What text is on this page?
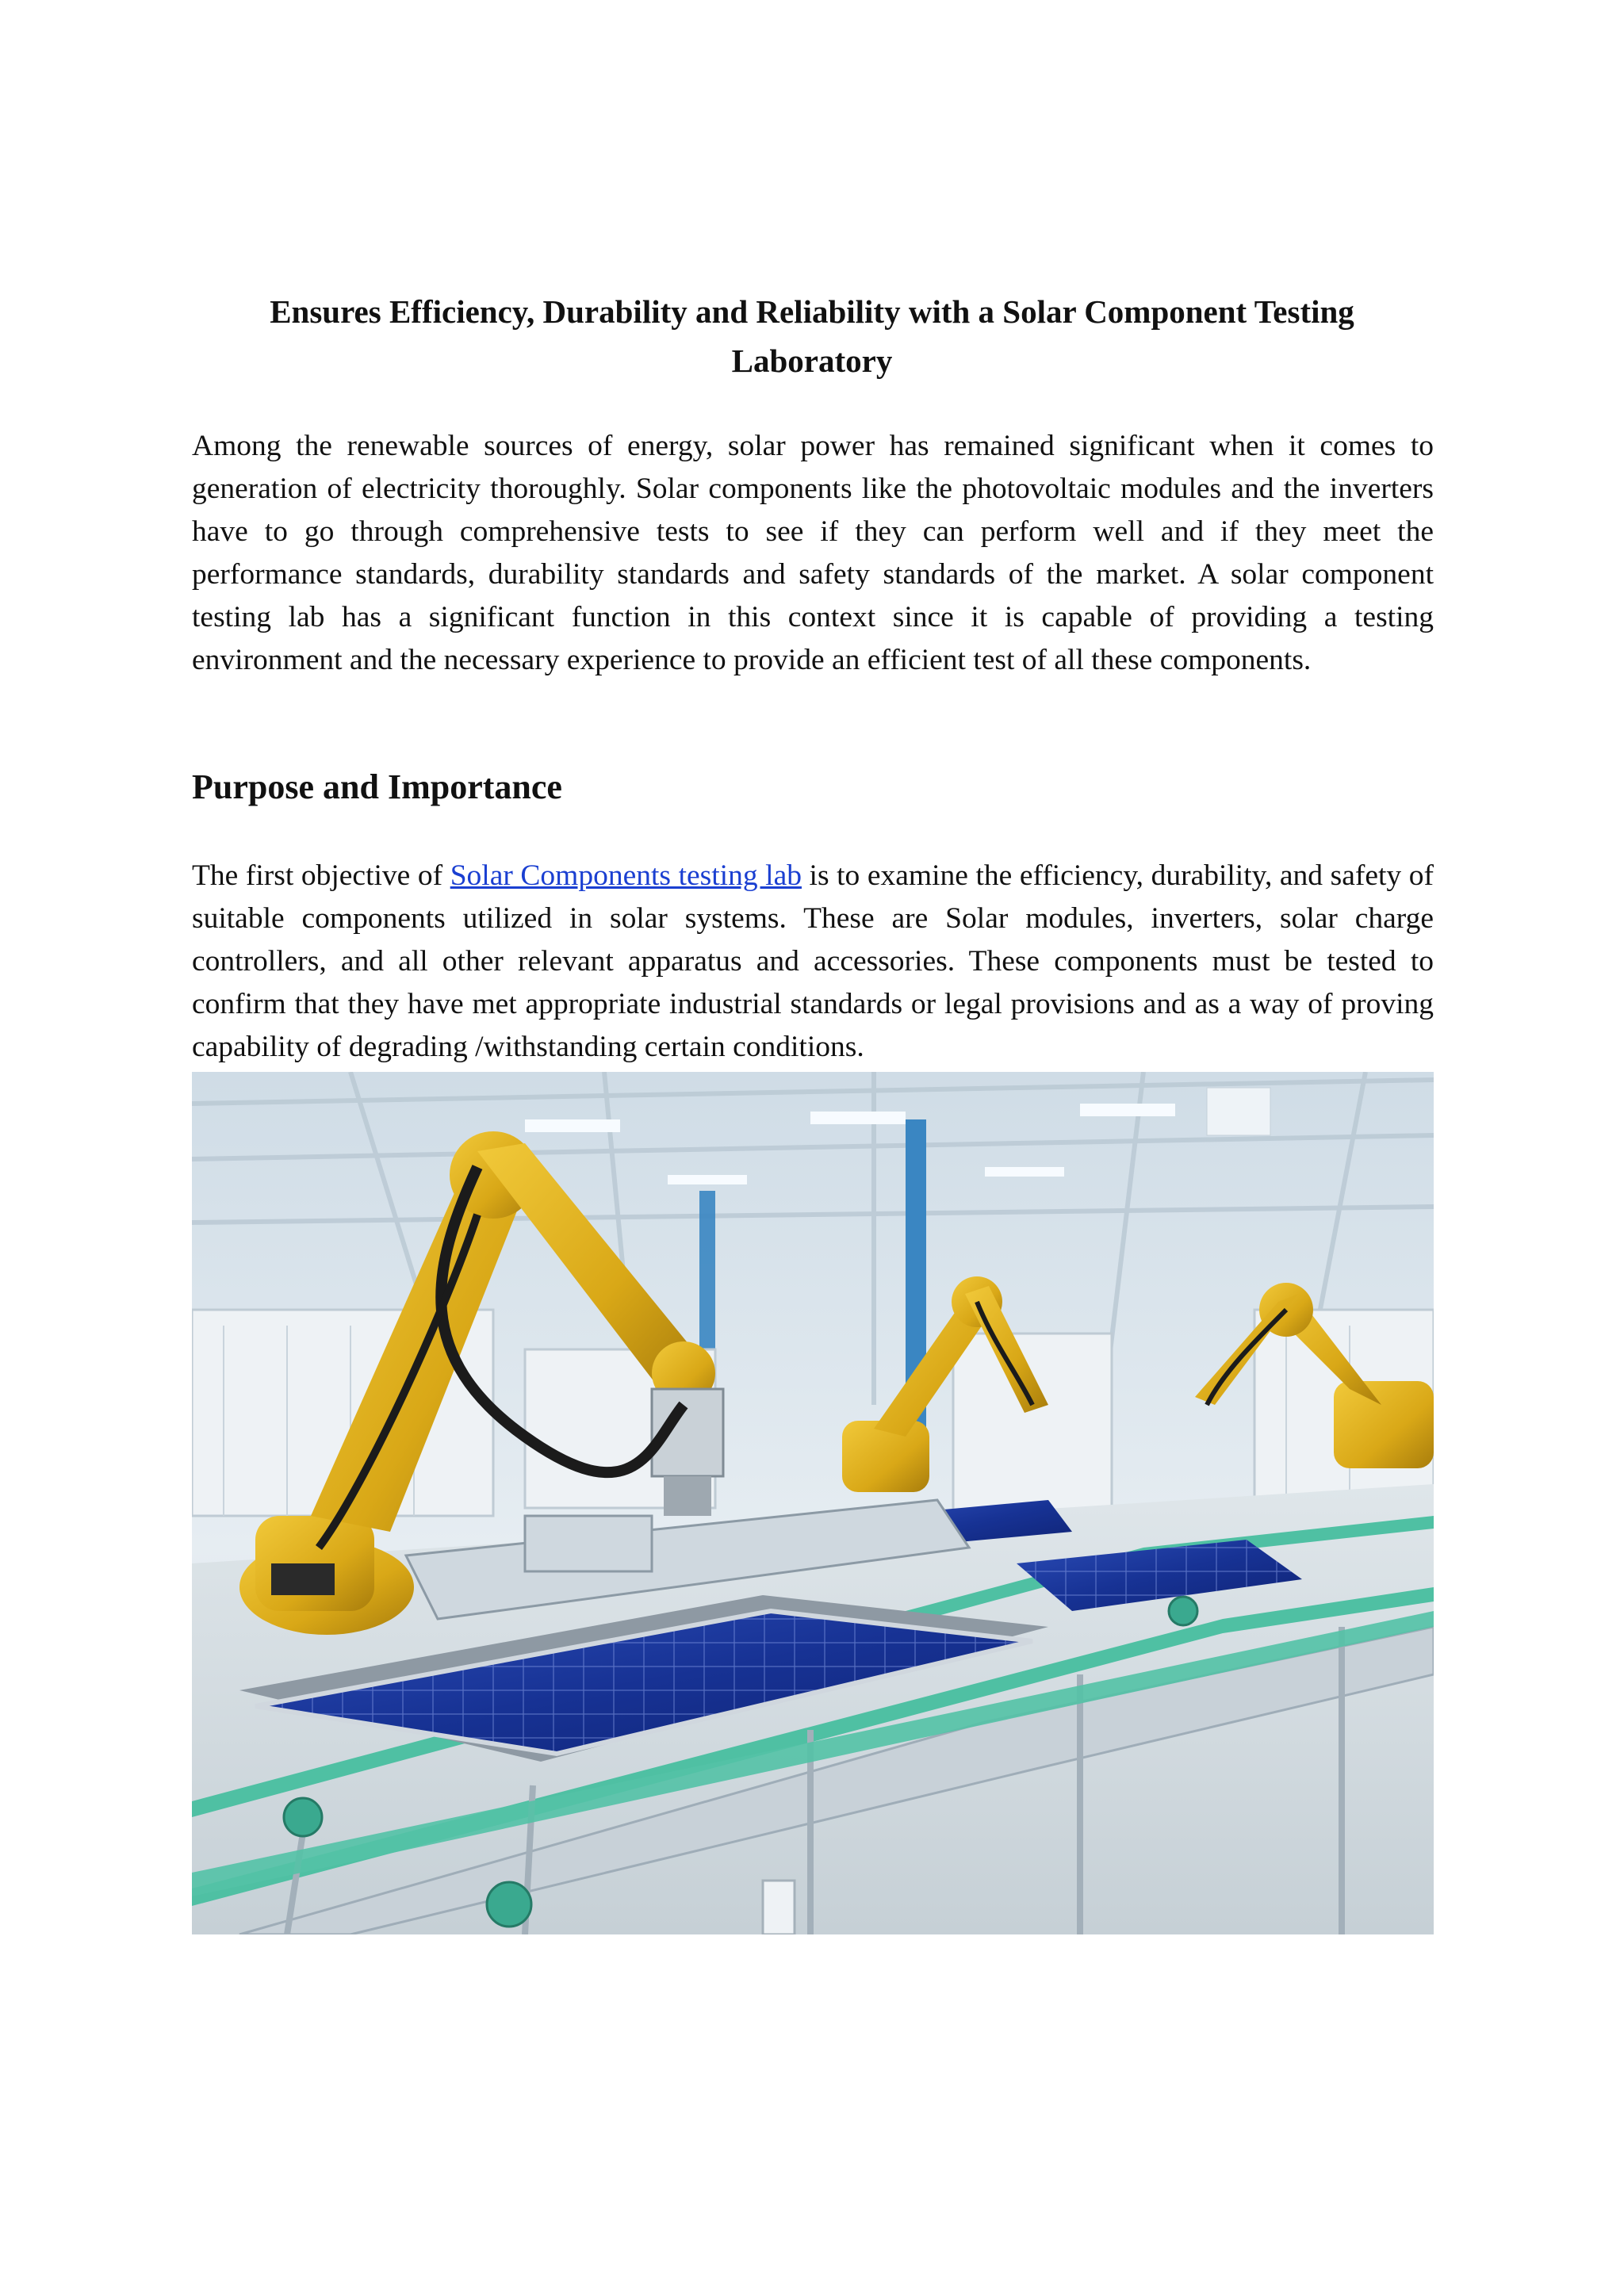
Ensures Efficiency, Durability and Reliability with a Solar Component Testing Laboratory

Among the renewable sources of energy, solar power has remained significant when it comes to generation of electricity thoroughly. Solar components like the photovoltaic modules and the inverters have to go through comprehensive tests to see if they can perform well and if they meet the performance standards, durability standards and safety standards of the market. A solar component testing lab has a significant function in this context since it is capable of providing a testing environment and the necessary experience to provide an efficient test of all these components.

Purpose and Importance

The first objective of Solar Components testing lab is to examine the efficiency, durability, and safety of suitable components utilized in solar systems. These are Solar modules, inverters, solar charge controllers, and all other relevant apparatus and accessories. These components must be tested to confirm that they have met appropriate industrial standards or legal provisions and as a way of proving capability of degrading /withstanding certain conditions.
